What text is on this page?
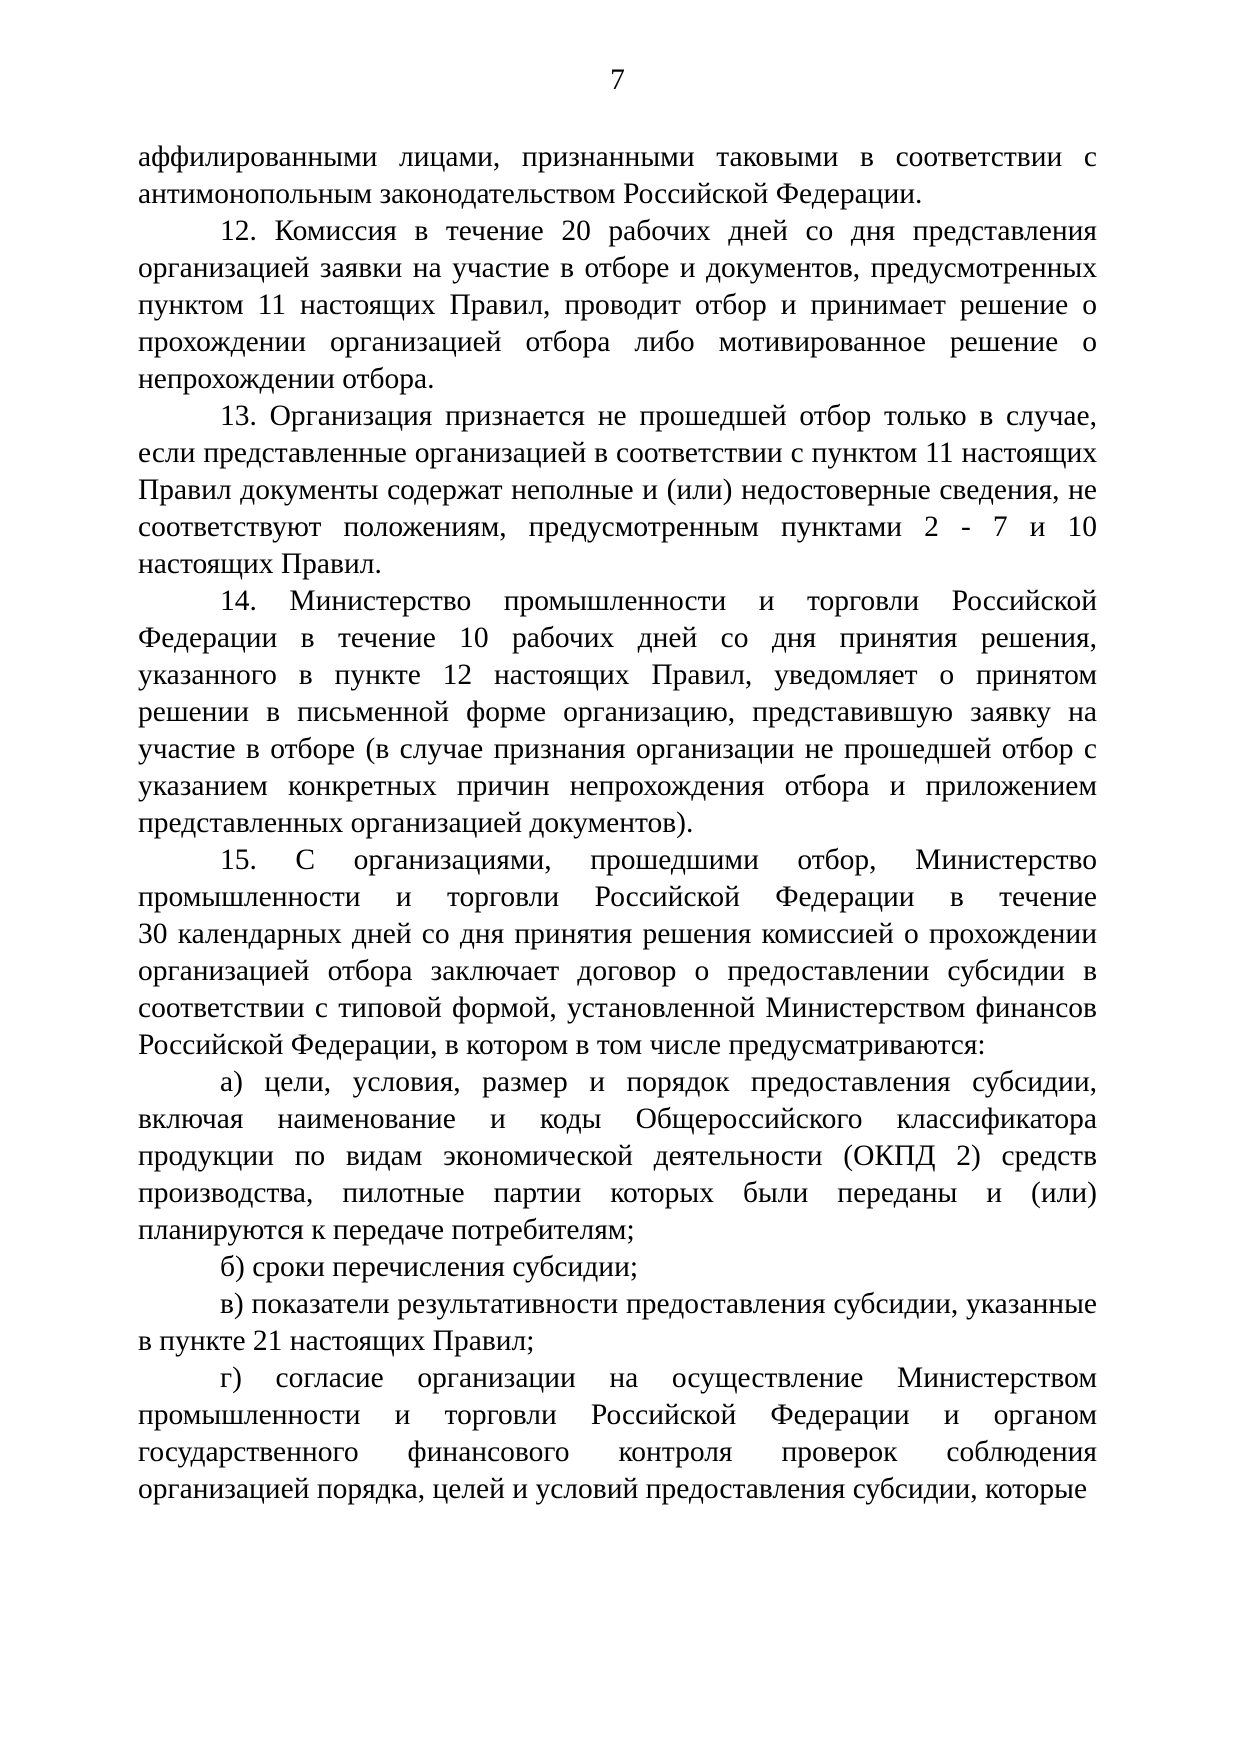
7

аффилированными лицами, признанными таковыми в соответствии с антимонопольным законодательством Российской Федерации.

12. Комиссия в течение 20 рабочих дней со дня представления организацией заявки на участие в отборе и документов, предусмотренных пунктом 11 настоящих Правил, проводит отбор и принимает решение о прохождении организацией отбора либо мотивированное решение о непрохождении отбора.

13. Организация признается не прошедшей отбор только в случае, если представленные организацией в соответствии с пунктом 11 настоящих Правил документы содержат неполные и (или) недостоверные сведения, не соответствуют положениям, предусмотренным пунктами 2 - 7 и 10 настоящих Правил.

14. Министерство промышленности и торговли Российской Федерации в течение 10 рабочих дней со дня принятия решения, указанного в пункте 12 настоящих Правил, уведомляет о принятом решении в письменной форме организацию, представившую заявку на участие в отборе (в случае признания организации не прошедшей отбор с указанием конкретных причин непрохождения отбора и приложением представленных организацией документов).

15. С организациями, прошедшими отбор, Министерство промышленности и торговли Российской Федерации в течение 30 календарных дней со дня принятия решения комиссией о прохождении организацией отбора заключает договор о предоставлении субсидии в соответствии с типовой формой, установленной Министерством финансов Российской Федерации, в котором в том числе предусматриваются:

а) цели, условия, размер и порядок предоставления субсидии, включая наименование и коды Общероссийского классификатора продукции по видам экономической деятельности (ОКПД 2) средств производства, пилотные партии которых были переданы и (или) планируются к передаче потребителям;

б) сроки перечисления субсидии;

в) показатели результативности предоставления субсидии, указанные в пункте 21 настоящих Правил;

г) согласие организации на осуществление Министерством промышленности и торговли Российской Федерации и органом государственного финансового контроля проверок соблюдения организацией порядка, целей и условий предоставления субсидии, которые
